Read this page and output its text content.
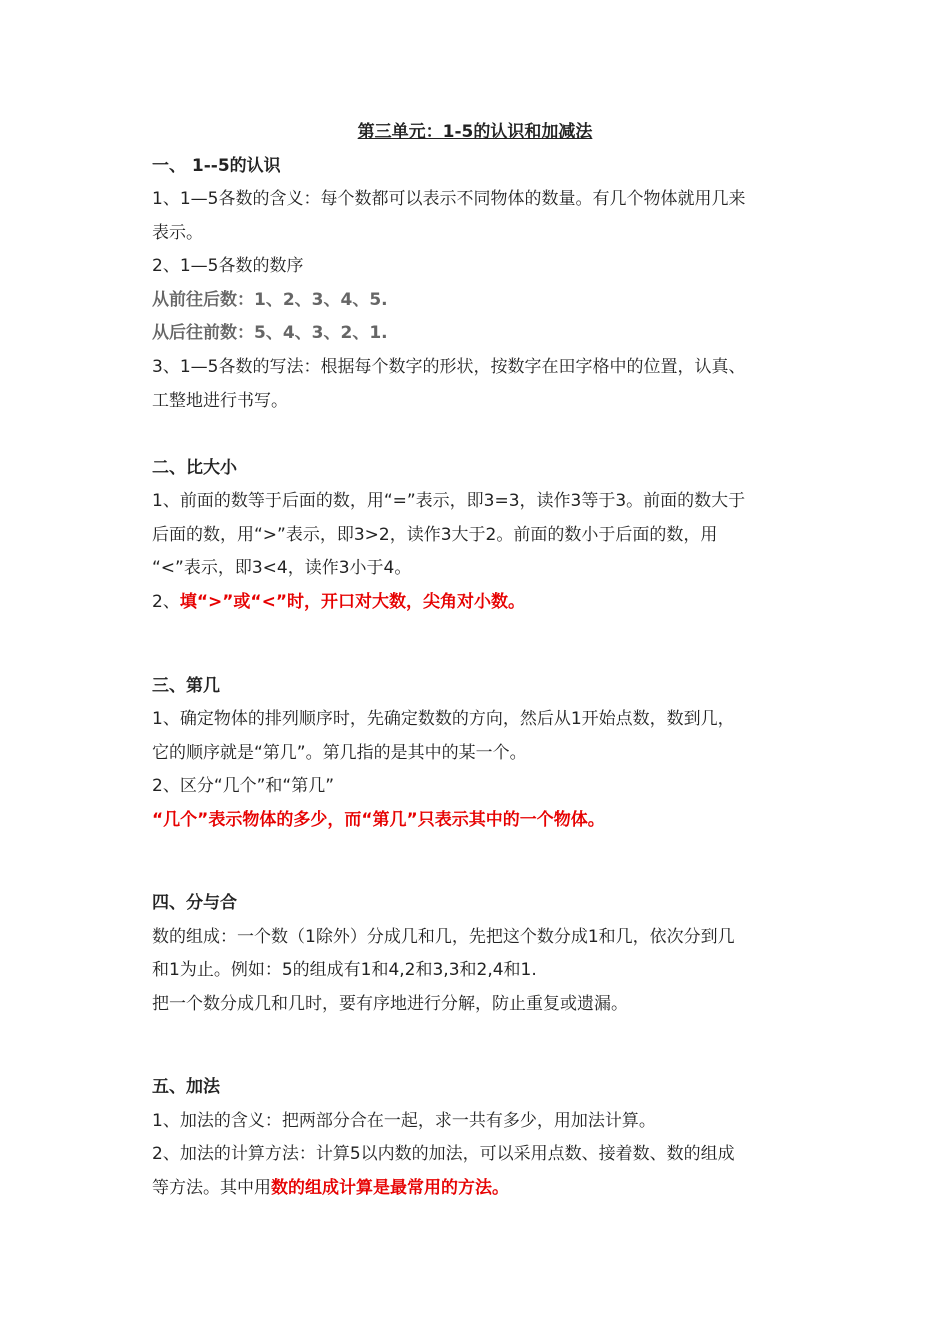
第三单元：1-5的认识和加减法
一、 1--5的认识
1、1—5各数的含义：每个数都可以表示不同物体的数量。有几个物体就用几来
表示。
2、1—5各数的数序
从前往后数：1、2、3、4、5.
从后往前数：5、4、3、2、1.
3、1—5各数的写法：根据每个数字的形状，按数字在田字格中的位置，认真、
工整地进行书写。
二、比大小
1、前面的数等于后面的数，用“=”表示，即3=3，读作3等于3。前面的数大于
后面的数，用“>”表示，即3>2，读作3大于2。前面的数小于后面的数，用
“<”表示，即3<4，读作3小于4。
2、填“>”或“<”时，开口对大数，尖角对小数。
三、第几
1、确定物体的排列顺序时，先确定数数的方向，然后从1开始点数，数到几，
它的顺序就是“第几”。第几指的是其中的某一个。
2、区分“几个”和“第几”
“几个”表示物体的多少，而“第几”只表示其中的一个物体。
四、分与合
数的组成：一个数（1除外）分成几和几，先把这个数分成1和几，依次分到几
和1为止。例如：5的组成有1和4,2和3,3和2,4和1.
把一个数分成几和几时，要有序地进行分解，防止重复或遗漏。
五、加法
1、加法的含义：把两部分合在一起，求一共有多少，用加法计算。
2、加法的计算方法：计算5以内数的加法，可以采用点数、接着数、数的组成
等方法。其中用数的组成计算是最常用的方法。
